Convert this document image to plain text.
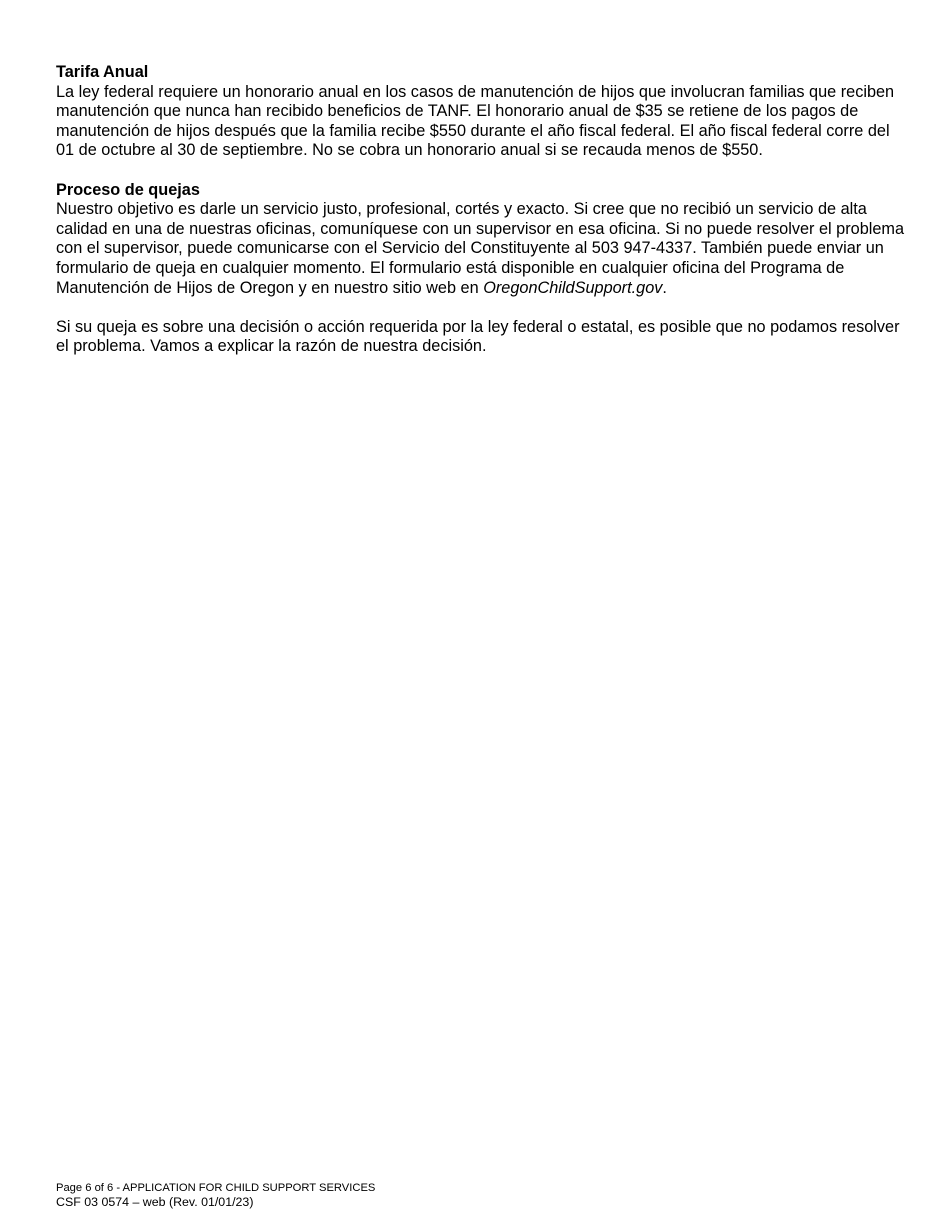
Tarifa Anual

La ley federal requiere un honorario anual en los casos de manutención de hijos que involucran familias que reciben manutención que nunca han recibido beneficios de TANF. El honorario anual de $35 se retiene de los pagos de manutención de hijos después que la familia recibe $550 durante el año fiscal federal. El año fiscal federal corre del 01 de octubre al 30 de septiembre. No se cobra un honorario anual si se recauda menos de $550.

Proceso de quejas

Nuestro objetivo es darle un servicio justo, profesional, cortés y exacto. Si cree que no recibió un servicio de alta calidad en una de nuestras oficinas, comuníquese con un supervisor en esa oficina. Si no puede resolver el problema con el supervisor, puede comunicarse con el Servicio del Constituyente al 503 947-4337. También puede enviar un formulario de queja en cualquier momento. El formulario está disponible en cualquier oficina del Programa de Manutención de Hijos de Oregon y en nuestro sitio web en OregonChildSupport.gov.

Si su queja es sobre una decisión o acción requerida por la ley federal o estatal, es posible que no podamos resolver el problema. Vamos a explicar la razón de nuestra decisión.

Page 6 of 6 - APPLICATION FOR CHILD SUPPORT SERVICES

CSF 03 0574 – web (Rev. 01/01/23)
